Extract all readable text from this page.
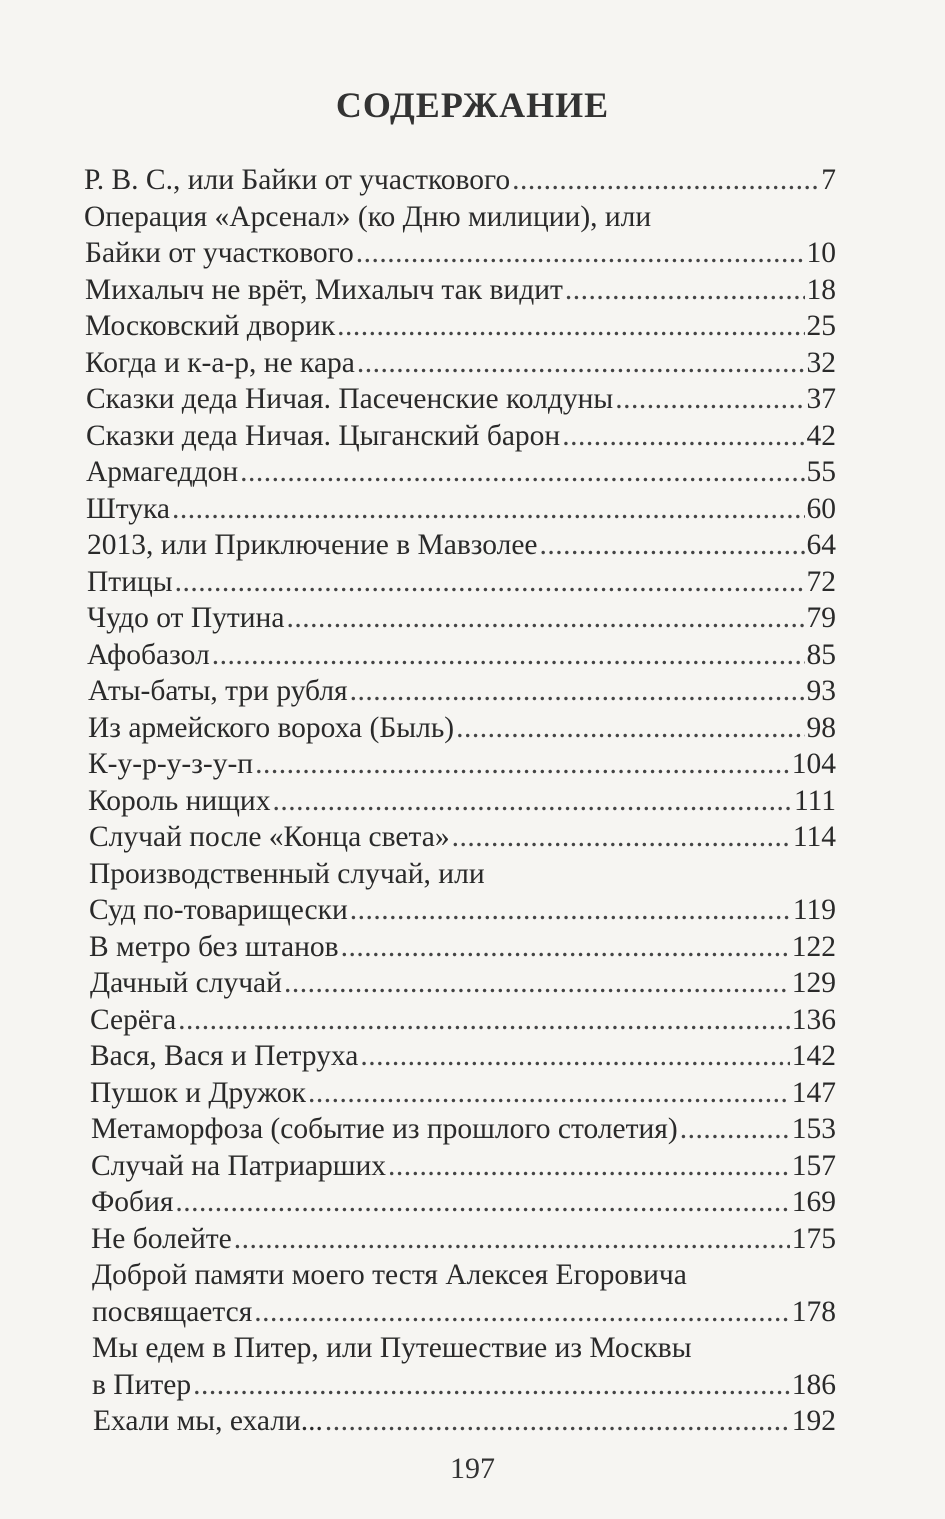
СОДЕРЖАНИЕ
Р. В. С., или Байки от участкового .....	7
Операция «Арсенал» (ко Дню милиции), или
Байки от участкового .....	10
Михалыч не врёт, Михалыч так видит .....	18
Московский дворик .....	25
Когда и к-а-р, не кара .....	32
Сказки деда Ничая. Пасеченские колдуны .....	37
Сказки деда Ничая. Цыганский барон .....	42
Армагеддон .....	55
Штука .....	60
2013, или Приключение в Мавзолее .....	64
Птицы .....	72
Чудо от Путина .....	79
Афобазол .....	85
Аты-баты, три рубля .....	93
Из армейского вороха (Быль) .....	98
К-у-р-у-з-у-п .....	104
Король нищих .....	111
Случай после «Конца света» .....	114
Производственный случай, или
Суд по-товарищески .....	119
В метро без штанов .....	122
Дачный случай .....	129
Серёга .....	136
Вася, Вася и Петруха .....	142
Пушок и Дружок .....	147
Метаморфоза (событие из прошлого столетия) .....	153
Случай на Патриарших .....	157
Фобия .....	169
Не болейте .....	175
Доброй памяти моего тестя Алексея Егоровича
посвящается .....	178
Мы едем в Питер, или Путешествие из Москвы
в Питер .....	186
Ехали мы, ехали... .....	192
197
